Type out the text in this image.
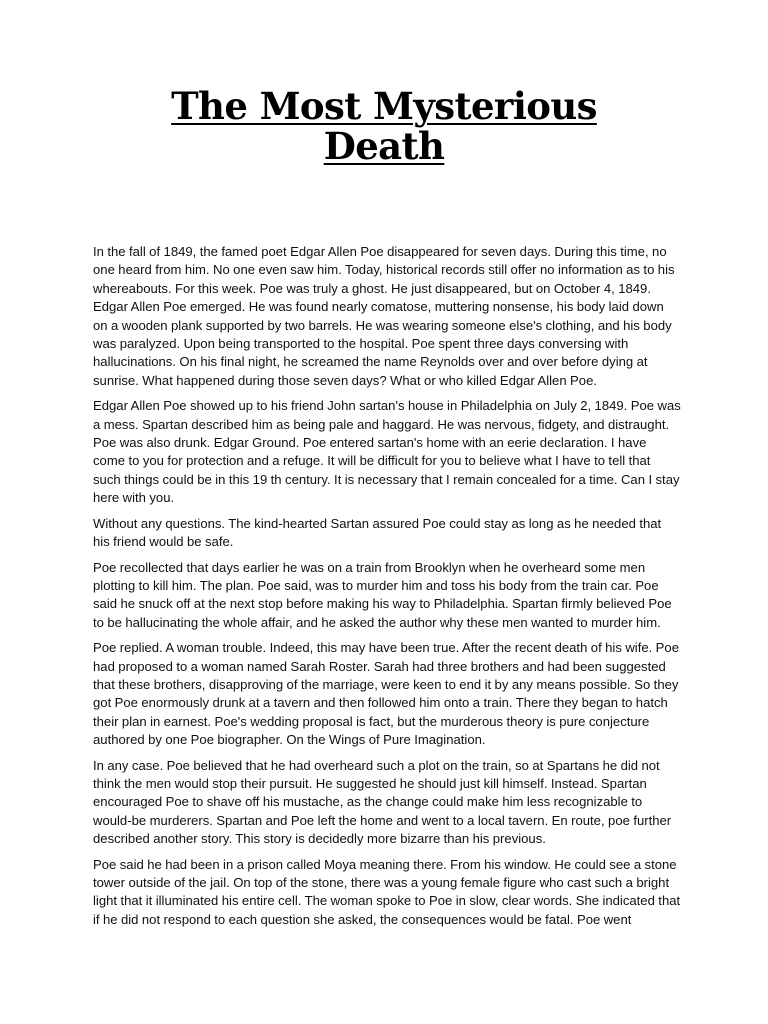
The Most Mysterious
Death

In the fall of 1849, the famed poet Edgar Allen Poe disappeared for seven days. During this time, no one heard from him. No one even saw him. Today, historical records still offer no information as to his whereabouts. For this week. Poe was truly a ghost. He just disappeared, but on October 4, 1849. Edgar Allen Poe emerged. He was found nearly comatose, muttering nonsense, his body laid down on a wooden plank supported by two barrels. He was wearing someone else's clothing, and his body was paralyzed. Upon being transported to the hospital. Poe spent three days conversing with hallucinations. On his final night, he screamed the name Reynolds over and over before dying at sunrise. What happened during those seven days? What or who killed Edgar Allen Poe.

Edgar Allen Poe showed up to his friend John sartan's house in Philadelphia on July 2, 1849. Poe was a mess. Spartan described him as being pale and haggard. He was nervous, fidgety, and distraught. Poe was also drunk. Edgar Ground. Poe entered sartan's home with an eerie declaration. I have come to you for protection and a refuge. It will be difficult for you to believe what I have to tell that such things could be in this 19 th century. It is necessary that I remain concealed for a time. Can I stay here with you.

Without any questions. The kind-hearted Sartan assured Poe could stay as long as he needed that his friend would be safe.

Poe recollected that days earlier he was on a train from Brooklyn when he overheard some men plotting to kill him. The plan. Poe said, was to murder him and toss his body from the train car. Poe said he snuck off at the next stop before making his way to Philadelphia. Spartan firmly believed Poe to be hallucinating the whole affair, and he asked the author why these men wanted to murder him.

Poe replied. A woman trouble. Indeed, this may have been true. After the recent death of his wife. Poe had proposed to a woman named Sarah Roster. Sarah had three brothers and had been suggested that these brothers, disapproving of the marriage, were keen to end it by any means possible. So they got Poe enormously drunk at a tavern and then followed him onto a train. There they began to hatch their plan in earnest. Poe's wedding proposal is fact, but the murderous theory is pure conjecture authored by one Poe biographer. On the Wings of Pure Imagination.

In any case. Poe believed that he had overheard such a plot on the train, so at Spartans he did not think the men would stop their pursuit. He suggested he should just kill himself. Instead. Spartan encouraged Poe to shave off his mustache, as the change could make him less recognizable to would-be murderers. Spartan and Poe left the home and went to a local tavern. En route, poe further described another story. This story is decidedly more bizarre than his previous.

Poe said he had been in a prison called Moya meaning there. From his window. He could see a stone tower outside of the jail. On top of the stone, there was a young female figure who cast such a bright light that it illuminated his entire cell. The woman spoke to Poe in slow, clear words. She indicated that if he did not respond to each question she asked, the consequences would be fatal. Poe went
